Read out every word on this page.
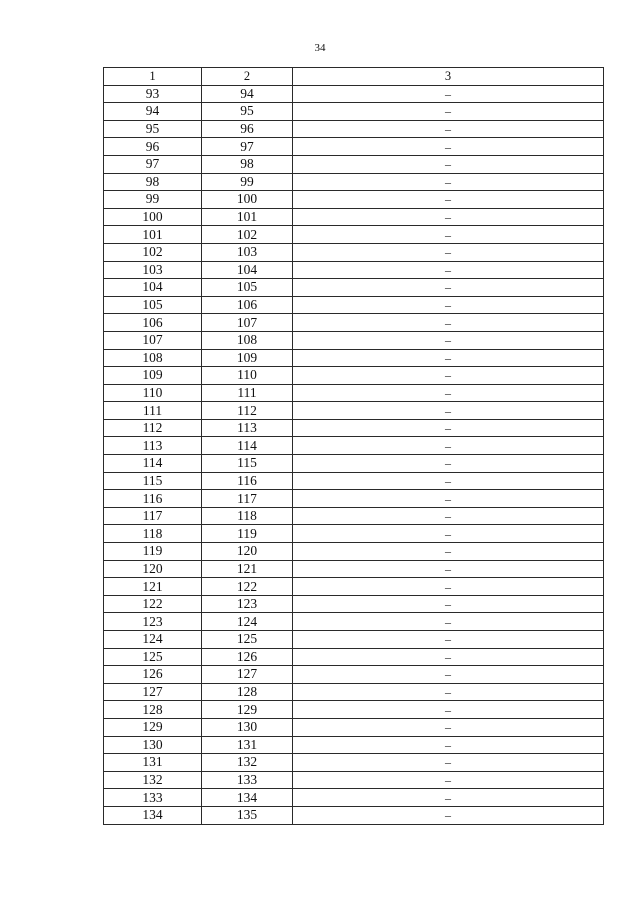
34
1	2	3
93	94	–
94	95	–
95	96	–
96	97	–
97	98	–
98	99	–
99	100	–
100	101	–
101	102	–
102	103	–
103	104	–
104	105	–
105	106	–
106	107	–
107	108	–
108	109	–
109	110	–
110	111	–
111	112	–
112	113	–
113	114	–
114	115	–
115	116	–
116	117	–
117	118	–
118	119	–
119	120	–
120	121	–
121	122	–
122	123	–
123	124	–
124	125	–
125	126	–
126	127	–
127	128	–
128	129	–
129	130	–
130	131	–
131	132	–
132	133	–
133	134	–
134	135	–
